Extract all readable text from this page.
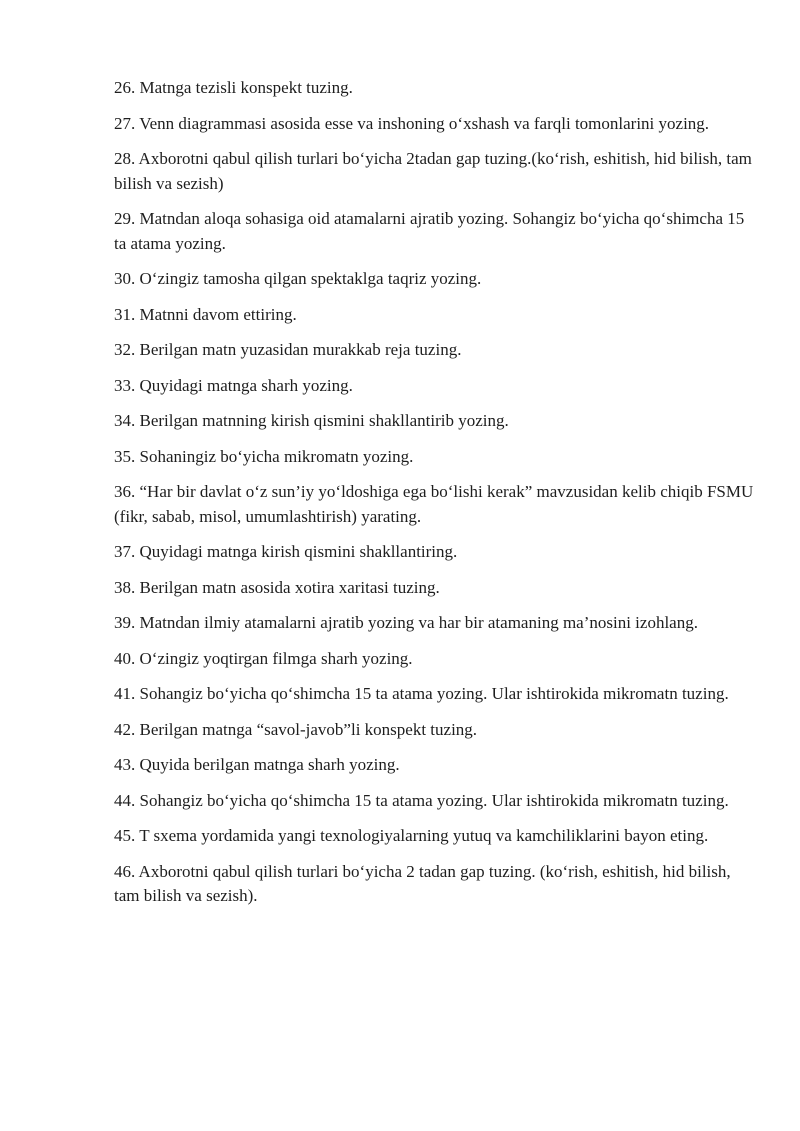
26. Matnga tezisli konspekt tuzing.
27. Venn diagrammasi asosida esse va inshoning o‘xshash va farqli tomonlarini yozing.
28. Axborotni qabul qilish turlari bo‘yicha 2tadan gap tuzing.(ko‘rish, eshitish, hid bilish, tam bilish va sezish)
29. Matndan aloqa sohasiga oid atamalarni ajratib yozing. Sohangiz bo‘yicha qo‘shimcha 15 ta atama yozing.
30. O‘zingiz tamosha qilgan spektaklga taqriz yozing.
31. Matnni davom ettiring.
32. Berilgan matn yuzasidan murakkab reja tuzing.
33. Quyidagi matnga sharh yozing.
34. Berilgan matnning kirish qismini shakllantirib yozing.
35. Sohaningiz bo‘yicha mikromatn yozing.
36. “Har bir davlat o‘z sun’iy yo‘ldoshiga ega bo‘lishi kerak” mavzusidan kelib chiqib FSMU (fikr, sabab, misol, umumlashtirish) yarating.
37. Quyidagi matnga kirish qismini shakllantiring.
38. Berilgan matn asosida xotira xaritasi tuzing.
39. Matndan ilmiy atamalarni ajratib yozing va har bir atamaning ma’nosini izohlang.
40. O‘zingiz yoqtirgan filmga sharh yozing.
41. Sohangiz bo‘yicha qo‘shimcha 15 ta atama yozing. Ular ishtirokida mikromatn tuzing.
42. Berilgan matnga “savol-javob”li konspekt tuzing.
43. Quyida berilgan matnga sharh yozing.
44. Sohangiz bo‘yicha qo‘shimcha 15 ta atama yozing. Ular ishtirokida mikromatn tuzing.
45. T sxema yordamida yangi texnologiyalarning yutuq va kamchiliklarini bayon eting.
46. Axborotni qabul qilish turlari bo‘yicha 2 tadan gap tuzing. (ko‘rish, eshitish, hid bilish, tam bilish va sezish).
